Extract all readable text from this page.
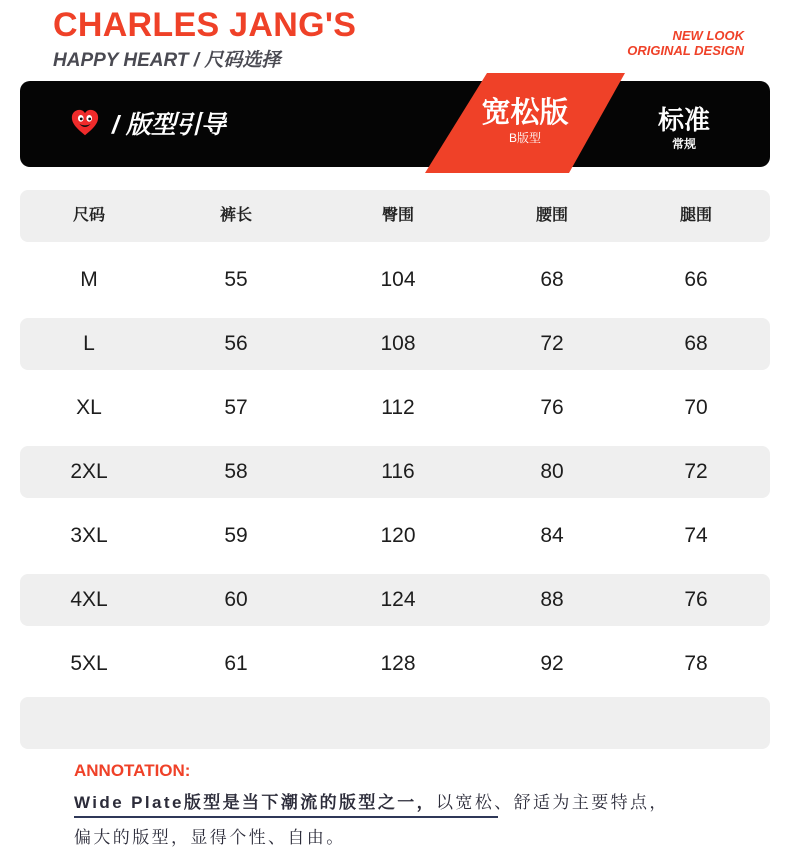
CHARLES JANG'S
HAPPY HEART / 尺码选择
NEW LOOK
ORIGINAL DESIGN
/ 版型引导	宽松版
B版型
标准
常规
尺码	裤长	臀围	腰围	腿围
M	55	104	68	66
L	56	108	72	68
XL	57	112	76	70
2XL	58	116	80	72
3XL	59	120	84	74
4XL	60	124	88	76
5XL	61	128	92	78
ANNOTATION:
Wide Plate版型是当下潮流的版型之一，以宽松、舒适为主要特点，
偏大的版型，显得个性、自由。
